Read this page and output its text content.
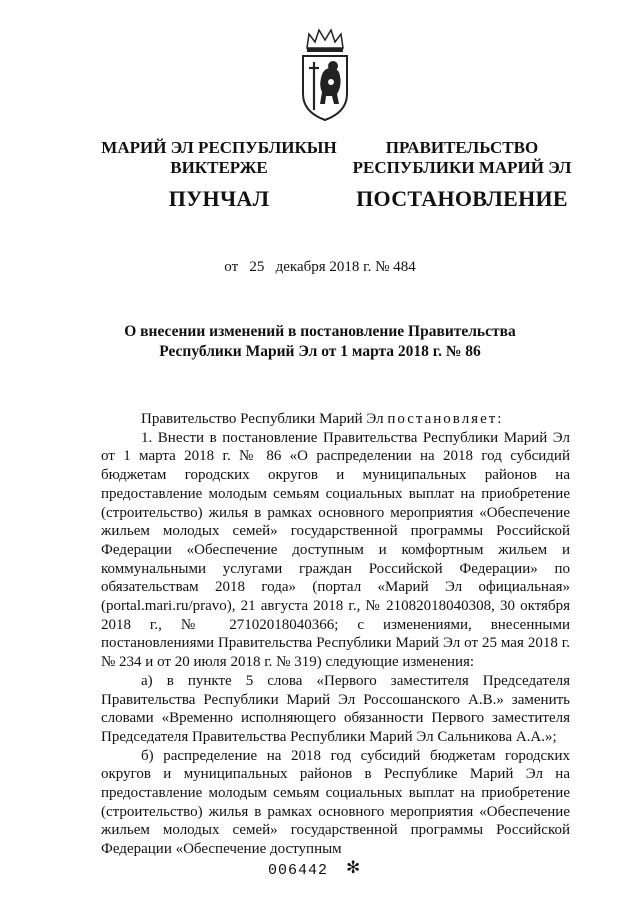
МАРИЙ ЭЛ РЕСПУБЛИКЫН
ВИКТЕРЖЕ
ПУНЧАЛ
ПРАВИТЕЛЬСТВО
РЕСПУБЛИКИ МАРИЙ ЭЛ
ПОСТАНОВЛЕНИЕ
от 25 декабря 2018 г. № 484
О внесении изменений в постановление Правительства
Республики Марий Эл от 1 марта 2018 г. № 86

Правительство Республики Марий Эл постановляет:

1. Внести в постановление Правительства Республики Марий Эл от 1 марта 2018 г. № 86 «О распределении на 2018 год субсидий бюджетам городских округов и муниципальных районов на предоставление молодым семьям социальных выплат на приобретение (строительство) жилья в рамках основного мероприятия «Обеспечение жильем молодых семей» государственной программы Российской Федерации «Обеспечение доступным и комфортным жильем и коммунальными услугами граждан Российской Федерации» по обязательствам 2018 года» (портал «Марий Эл официальная» (portal.mari.ru/pravo), 21 августа 2018 г., № 21082018040308, 30 октября 2018 г., № 27102018040366; с изменениями, внесенными постановлениями Правительства Республики Марий Эл от 25 мая 2018 г. № 234 и от 20 июля 2018 г. № 319) следующие изменения:

а) в пункте 5 слова «Первого заместителя Председателя Правительства Республики Марий Эл Россошанского А.В.» заменить словами «Временно исполняющего обязанности Первого заместителя Председателя Правительства Республики Марий Эл Сальникова А.А.»;

б) распределение на 2018 год субсидий бюджетам городских округов и муниципальных районов в Республике Марий Эл на предоставление молодым семьям социальных выплат на приобретение (строительство) жилья в рамках основного мероприятия «Обеспечение жильем молодых семей» государственной программы Российской Федерации «Обеспечение доступным

006442 ✻
